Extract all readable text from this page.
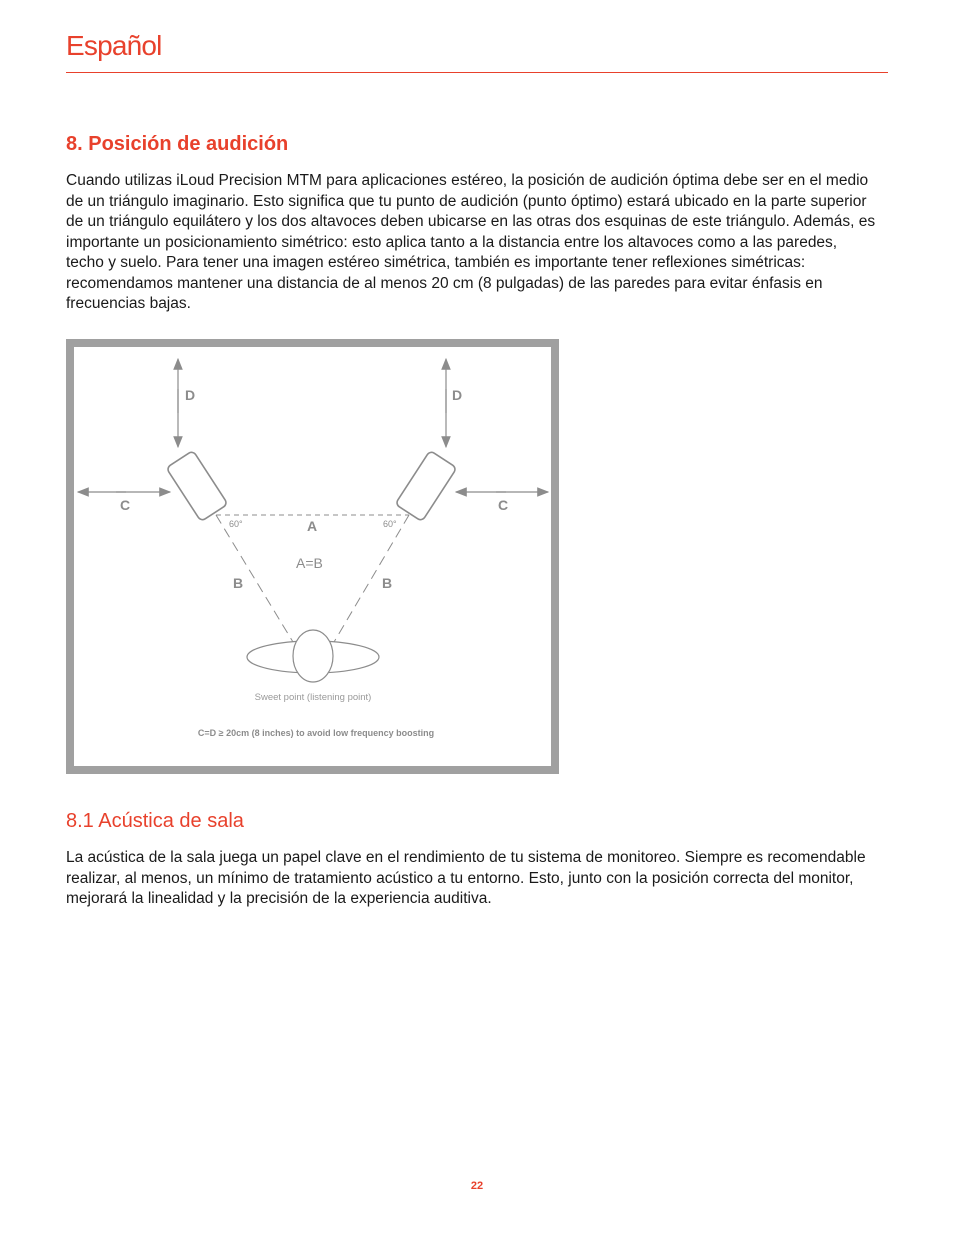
Español
8. Posición de audición

Cuando utilizas iLoud Precision MTM para aplicaciones estéreo, la posición de audición óptima debe ser en el medio de un triángulo imaginario. Esto significa que tu punto de audición (punto óptimo) estará ubicado en la parte superior de un triángulo equilátero y los dos altavoces deben ubicarse en las otras dos esquinas de este triángulo. Además, es importante un posicionamiento simétrico: esto aplica tanto a la distancia entre los altavoces como a las paredes, techo y suelo. Para tener una imagen estéreo simétrica, también es importante tener reflexiones simétricas: recomendamos mantener una distancia de al menos 20 cm (8 pulgadas) de las paredes para evitar énfasis en frecuencias bajas.

D	D
C	C
A
60°	60°
A=B
B	B
Sweet point (listening point)
C=D ≥ 20cm (8 inches) to avoid low frequency boosting
8.1 Acústica de sala

La acústica de la sala juega un papel clave en el rendimiento de tu sistema de monitoreo. Siempre es recomendable realizar, al menos, un mínimo de tratamiento acústico a tu entorno. Esto, junto con la posición correcta del monitor, mejorará la linealidad y la precisión de la experiencia auditiva.

22
